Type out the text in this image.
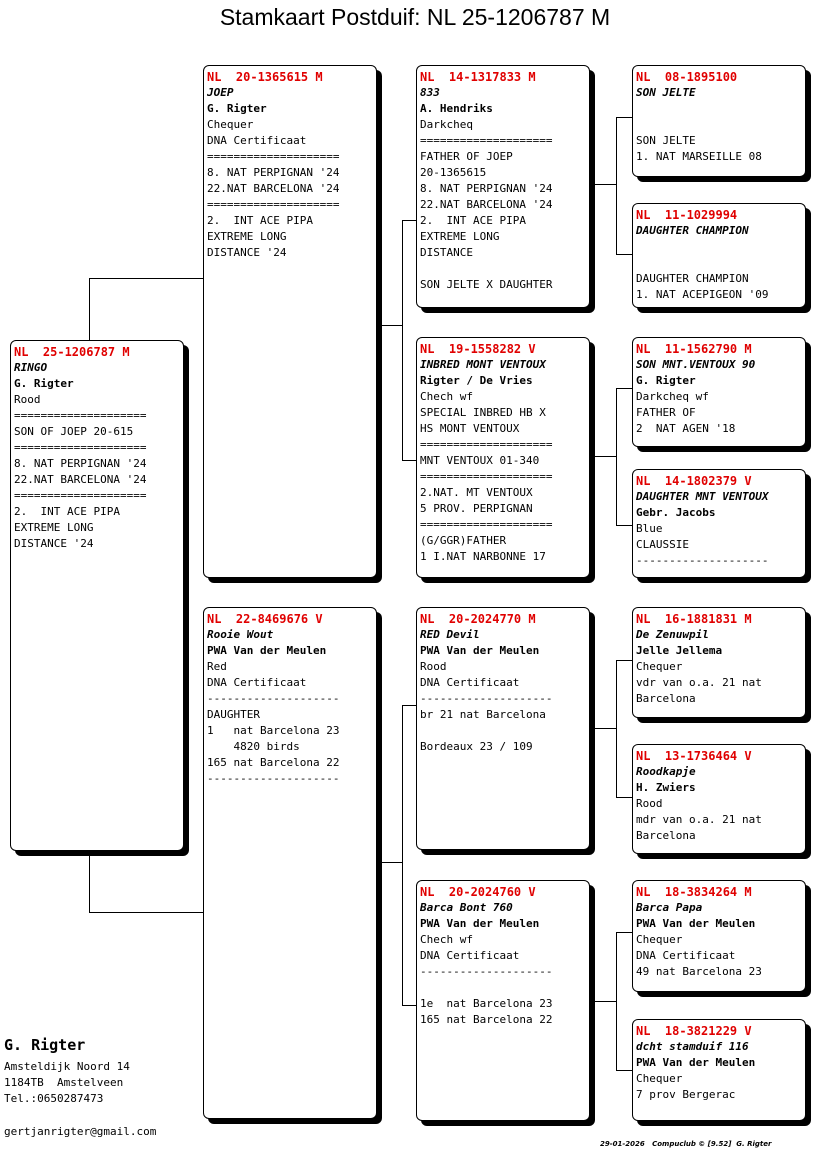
Stamkaart Postduif: NL 25-1206787 M
NL  25-1206787 M
RINGO
G. Rigter
Rood
====================
SON OF JOEP 20-615
====================
8. NAT PERPIGNAN '24
22.NAT BARCELONA '24
====================
2.  INT ACE PIPA
EXTREME LONG
DISTANCE '24
NL  20-1365615 M
JOEP
G. Rigter
Chequer
DNA Certificaat
====================
8. NAT PERPIGNAN '24
22.NAT BARCELONA '24
====================
2.  INT ACE PIPA
EXTREME LONG
DISTANCE '24
NL  22-8469676 V
Rooie Wout
PWA Van der Meulen
Red
DNA Certificaat
--------------------
DAUGHTER
1   nat Barcelona 23
4820 birds
165 nat Barcelona 22
--------------------
NL  14-1317833 M
833
A. Hendriks
Darkcheq
====================
FATHER OF JOEP
20-1365615
8. NAT PERPIGNAN '24
22.NAT BARCELONA '24
2.  INT ACE PIPA
EXTREME LONG
DISTANCE
SON JELTE X DAUGHTER
NL  19-1558282 V
INBRED MONT VENTOUX
Rigter / De Vries
Chech wf
SPECIAL INBRED HB X
HS MONT VENTOUX
====================
MNT VENTOUX 01-340
====================
2.NAT. MT VENTOUX
5 PROV. PERPIGNAN
====================
(G/GGR)FATHER
1 I.NAT NARBONNE 17
NL  20-2024770 M
RED Devil
PWA Van der Meulen
Rood
DNA Certificaat
--------------------
br 21 nat Barcelona
Bordeaux 23 / 109
NL  20-2024760 V
Barca Bont 760
PWA Van der Meulen
Chech wf
DNA Certificaat
--------------------
1e  nat Barcelona 23
165 nat Barcelona 22
NL  08-1895100
SON JELTE
SON JELTE
1. NAT MARSEILLE 08
NL  11-1029994
DAUGHTER CHAMPION
DAUGHTER CHAMPION
1. NAT ACEPIGEON '09
NL  11-1562790 M
SON MNT.VENTOUX 90
G. Rigter
Darkcheq wf
FATHER OF
2  NAT AGEN '18
NL  14-1802379 V
DAUGHTER MNT VENTOUX
Gebr. Jacobs
Blue
CLAUSSIE
--------------------
NL  16-1881831 M
De Zenuwpil
Jelle Jellema
Chequer
vdr van o.a. 21 nat
Barcelona
NL  13-1736464 V
Roodkapje
H. Zwiers
Rood
mdr van o.a. 21 nat
Barcelona
NL  18-3834264 M
Barca Papa
PWA Van der Meulen
Chequer
DNA Certificaat
49 nat Barcelona 23
NL  18-3821229 V
dcht stamduif 116
PWA Van der Meulen
Chequer
7 prov Bergerac
G. Rigter
Amsteldijk Noord 14
1184TB  Amstelveen
Tel.:0650287473
gertjanrigter@gmail.com
29-01-2026   Compuclub © [9.52]  G. Rigter
